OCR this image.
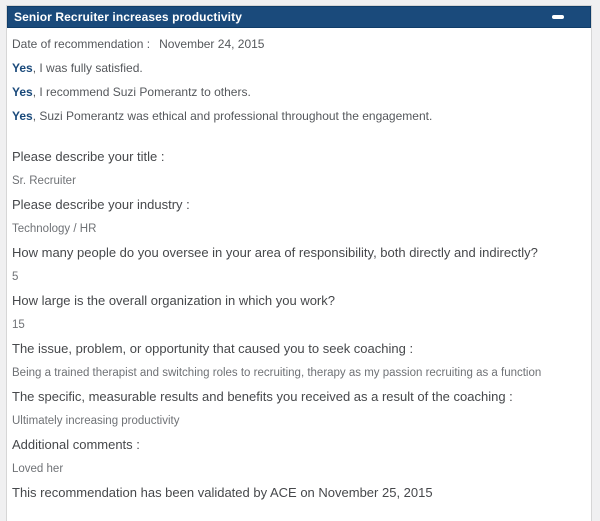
Senior Recruiter increases productivity

Date of recommendation : November 24, 2015

Yes, I was fully satisfied.

Yes, I recommend Suzi Pomerantz to others.

Yes, Suzi Pomerantz was ethical and professional throughout the engagement.

Please describe your title :

Sr. Recruiter

Please describe your industry :

Technology / HR

How many people do you oversee in your area of responsibility, both directly and indirectly?

5

How large is the overall organization in which you work?

15

The issue, problem, or opportunity that caused you to seek coaching :

Being a trained therapist and switching roles to recruiting, therapy as my passion recruiting as a function

The specific, measurable results and benefits you received as a result of the coaching :

Ultimately increasing productivity

Additional comments :

Loved her

This recommendation has been validated by ACE on November 25, 2015
